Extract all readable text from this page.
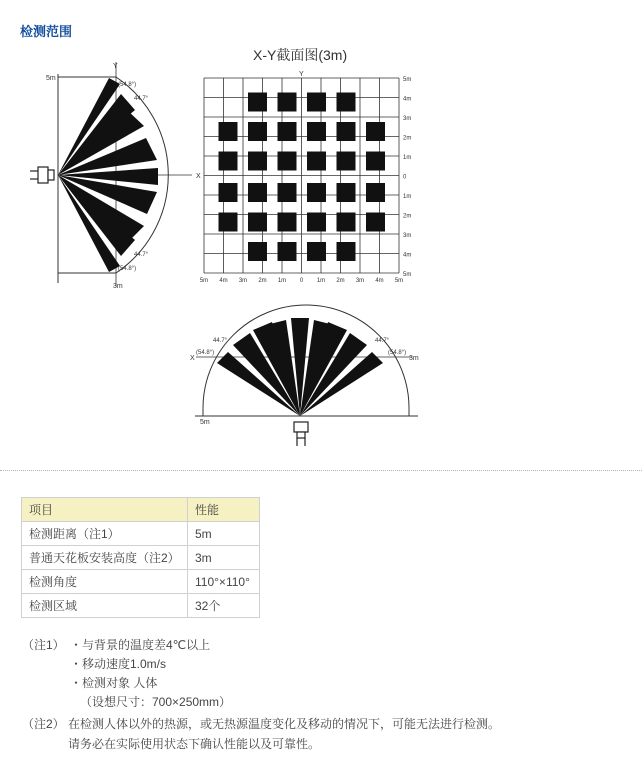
检测范围
5m
3m
Y
(54.8°)
44.7°
44.7°
(54.8°)
X-Y截面图(3m)
5m
4m
3m
2m
1m
0
1m
2m
3m
4m
5m
5m 4m 3m 2m 1m 0 1m 2m 3m 4m 5m
X
Y
X
(54.8°)
44.7°	44.7°
(54.8°)
3m
5m
项目	性能
检测距离（注1）	5m
普通天花板安装高度（注2）	3m
检测角度	110°×110°
检测区域	32个
（注1） ・与背景的温度差4℃以上
・移动速度1.0m/s
・检测对象 人体
（设想尺寸：700×250mm）
（注2） 在检测人体以外的热源，或无热源温度变化及移动的情况下，可能无法进行检测。
请务必在实际使用状态下确认性能以及可靠性。
